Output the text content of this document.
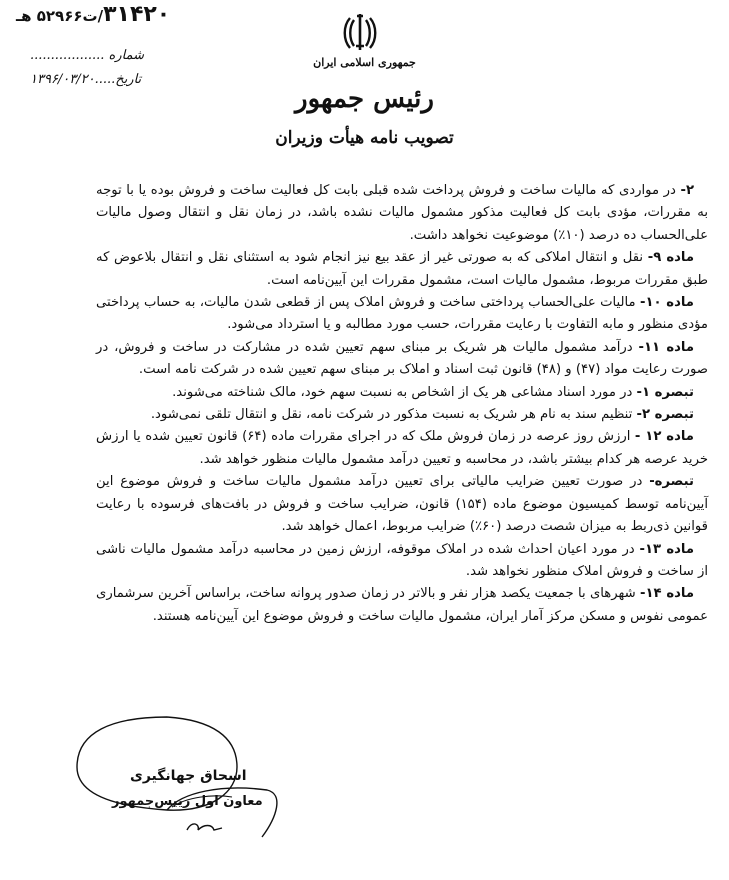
۳۱۴۲۰/ت۵۲۹۶۶ هـ
شماره ..................
تاریخ.....۱۳۹۶/۰۳/۲۰
جمهوری اسلامی ایران
رئیس جمهور
تصویب نامه هیأت وزیران

۲- در مواردی که مالیات ساخت و فروش پرداخت شده قبلی بابت کل فعالیت ساخت و فروش بوده یا با توجه به مقررات، مؤدی بابت کل فعالیت مذکور مشمول مالیات نشده باشد، در زمان نقل و انتقال وصول مالیات علی‌الحساب ده درصد (۱۰٪) موضوعیت نخواهد داشت.

ماده ۹- نقل و انتقال املاکی که به صورتی غیر از عقد بیع نیز انجام شود به استثنای نقل و انتقال بلاعوض که طبق مقررات مربوط، مشمول مالیات است، مشمول مقررات این آیین‌نامه است.

ماده ۱۰- مالیات علی‌الحساب پرداختی ساخت و فروش املاک پس از قطعی شدن مالیات، به حساب پرداختی مؤدی منظور و مابه التفاوت با رعایت مقررات، حسب مورد مطالبه و یا استرداد می‌شود.

ماده ۱۱- درآمد مشمول مالیات هر شریک بر مبنای سهم تعیین شده در مشارکت در ساخت و فروش، در صورت رعایت مواد (۴۷) و (۴۸) قانون ثبت اسناد و املاک بر مبنای سهم تعیین شده در شرکت نامه است.

تبصره ۱- در مورد اسناد مشاعی هر یک از اشخاص به نسبت سهم خود، مالک شناخته می‌شوند.

تبصره ۲- تنظیم سند به نام هر شریک به نسبت مذکور در شرکت نامه، نقل و انتقال تلقی نمی‌شود.

ماده ۱۲ - ارزش روز عرصه در زمان فروش ملک که در اجرای مقررات ماده (۶۴) قانون تعیین شده یا ارزش خرید عرصه هر کدام بیشتر باشد، در محاسبه و تعیین درآمد مشمول مالیات منظور خواهد شد.

تبصره- در صورت تعیین ضرایب مالیاتی برای تعیین درآمد مشمول مالیات ساخت و فروش موضوع این آیین‌نامه توسط کمیسیون موضوع ماده (۱۵۴) قانون، ضرایب ساخت و فروش در بافت‌های فرسوده با رعایت قوانین ذی‌ربط به میزان شصت درصد (۶۰٪) ضرایب مربوط، اعمال خواهد شد.

ماده ۱۳- در مورد اعیان احداث شده در املاک موقوفه، ارزش زمین در محاسبه درآمد مشمول مالیات ناشی از ساخت و فروش املاک منظور نخواهد شد.

ماده ۱۴- شهرهای با جمعیت یکصد هزار نفر و بالاتر در زمان صدور پروانه ساخت، براساس آخرین سرشماری عمومی نفوس و مسکن مرکز آمار ایران، مشمول مالیات ساخت و فروش موضوع این آیین‌نامه هستند.

اسحاق جهانگیری
معاون اول رییس‌جمهور
